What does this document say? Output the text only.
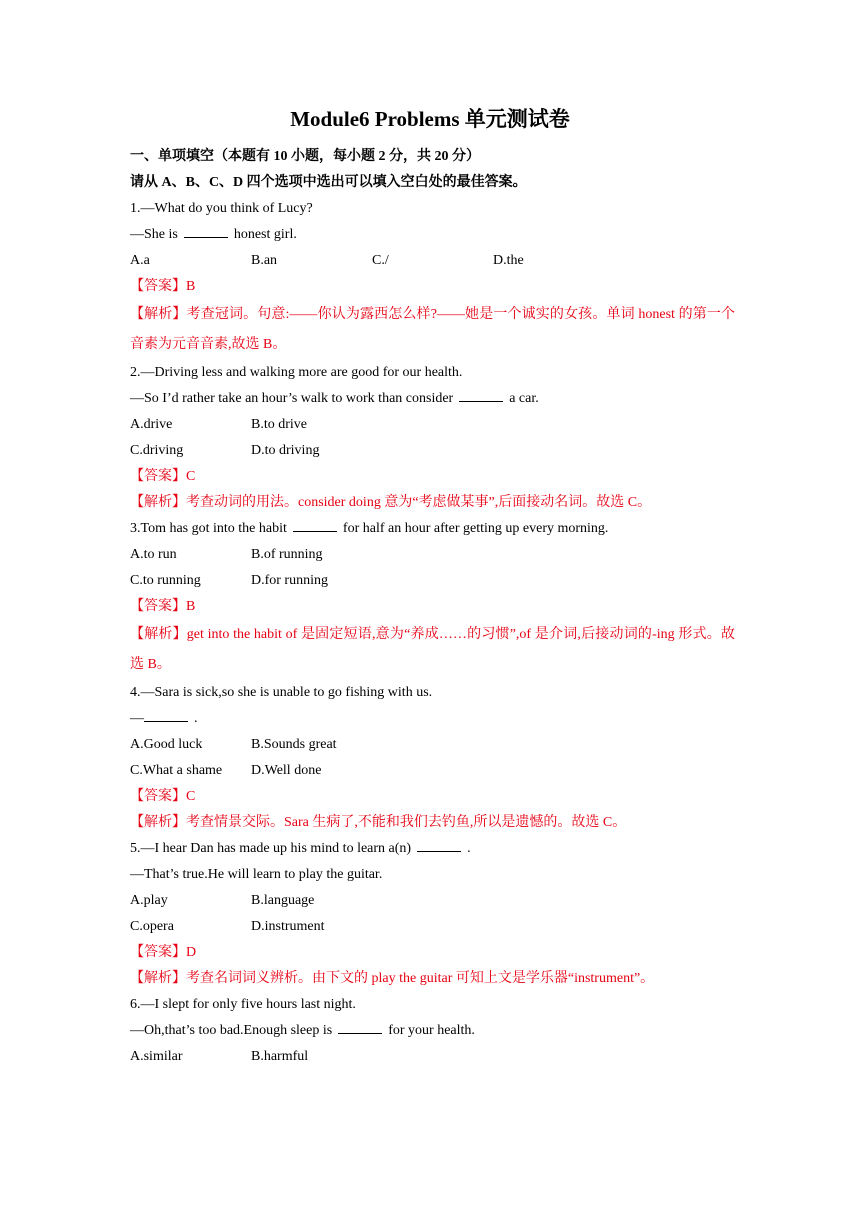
Module6 Problems 单元测试卷
一、单项填空（本题有 10 小题，每小题 2 分，共 20 分）
请从 A、B、C、D 四个选项中选出可以填入空白处的最佳答案。
1.—What do you think of Lucy?
—She is	honest girl.
A.a	B.an	C./	D.the
【答案】B
【解析】考查冠词。句意:——你认为露西怎么样?——她是一个诚实的女孩。单词 honest 的第一个音素为元音音素,故选 B。
2.—Driving less and walking more are good for our health.
—So I’d rather take an hour’s walk to work than consider	a car.
A.drive	B.to drive
C.driving	D.to driving
【答案】C
【解析】考查动词的用法。consider doing 意为“考虑做某事”,后面接动名词。故选 C。
3.Tom has got into the habit	for half an hour after getting up every morning.
A.to run	B.of running
C.to running	D.for running
【答案】B
【解析】get into the habit of 是固定短语,意为“养成……的习惯”,of 是介词,后接动词的-ing 形式。故选 B。
4.—Sara is sick,so she is unable to go fishing with us.
—	.
A.Good luck	B.Sounds great
C.What a shame	D.Well done
【答案】C
【解析】考查情景交际。Sara 生病了,不能和我们去钓鱼,所以是遗憾的。故选 C。
5.—I hear Dan has made up his mind to learn a(n)	.
—That’s true.He will learn to play the guitar.
A.play	B.language
C.opera	D.instrument
【答案】D
【解析】考查名词词义辨析。由下文的 play the guitar 可知上文是学乐器“instrument”。
6.—I slept for only five hours last night.
—Oh,that’s too bad.Enough sleep is	for your health.
A.similar	B.harmful
